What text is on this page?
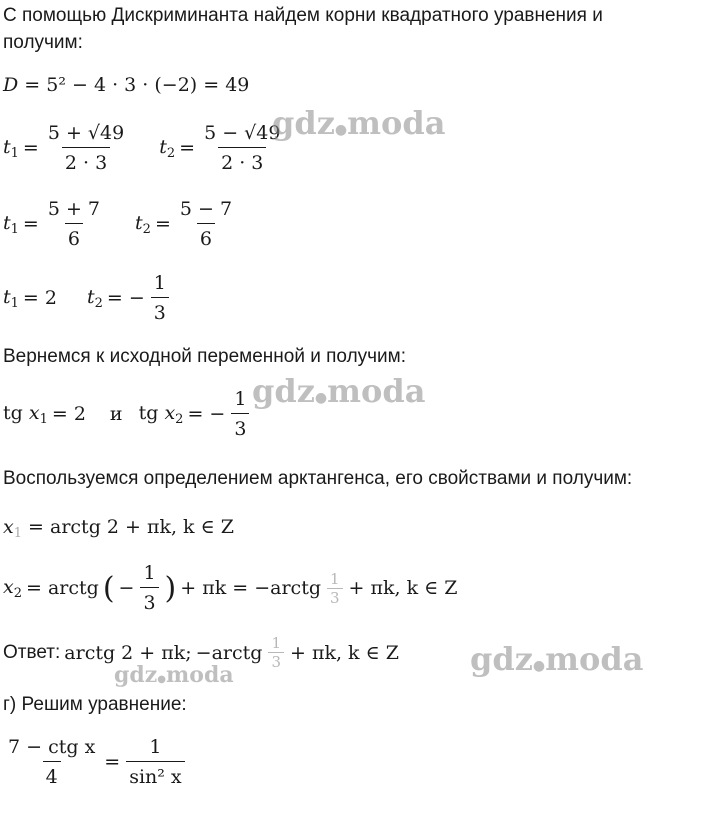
С помощью Дискриминанта найдем корни квадратного уравнения и
получим:
D = 5² − 4 · 3 · (−2) = 49
$t_1 = \frac{5 + √49}{2 \cdot 3} t_2 = \frac{5 - √49}{2 \cdot 3}$
$t_1 = \frac{5 + 7}{6} t_2 = \frac{5 - 7}{6}$
$t_1 = 2$ $t_2$ = − $\frac{1}{3}$
Вернемся к исходной переменной и получим:
tg $x_1 = 2$ и tg $x_2$ = − $\frac{1}{3}$
Воспользуемся определением арктангенса, его свойствами и получим:
$x_1$ = arctg 2 + πk, k ∈ Z
$x_2$ = arctg ( − $\frac{1}{3}$ ) + πk = −arctg $\frac{1}{3} + \pi k$, k ∈ Z
Ответ: arctg 2 + πk; −arctg $\frac{1}{3} + \pi k$, k ∈ Z
г) Решим уравнение:
$\frac{\text{7 − ctg x}}{4} = \frac{1}{\text{sin² x}}$
gdz●moda
gdz●moda
gdz●moda
gdz●moda
